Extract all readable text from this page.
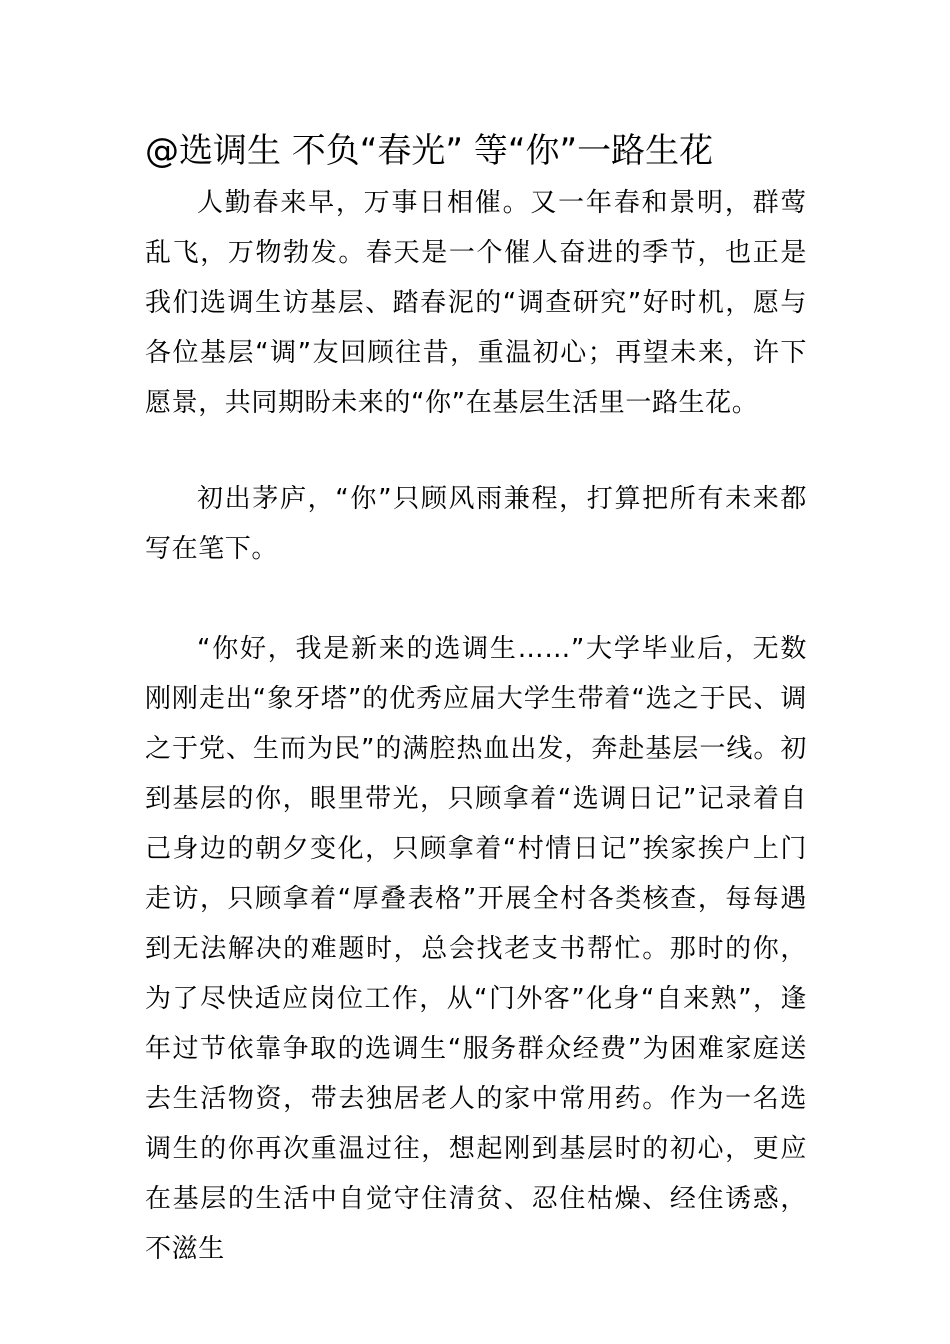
@选调生 不负“春光” 等“你”一路生花

人勤春来早，万事日相催。又一年春和景明，群莺乱飞，万物勃发。春天是一个催人奋进的季节，也正是我们选调生访基层、踏春泥的“调查研究”好时机，愿与各位基层“调”友回顾往昔，重温初心；再望未来，许下愿景，共同期盼未来的“你”在基层生活里一路生花。

初出茅庐，“你”只顾风雨兼程，打算把所有未来都写在笔下。

“你好，我是新来的选调生……”大学毕业后，无数刚刚走出“象牙塔”的优秀应届大学生带着“选之于民、调之于党、生而为民”的满腔热血出发，奔赴基层一线。初到基层的你，眼里带光，只顾拿着“选调日记”记录着自己身边的朝夕变化，只顾拿着“村情日记”挨家挨户上门走访，只顾拿着“厚叠表格”开展全村各类核查，每每遇到无法解决的难题时，总会找老支书帮忙。那时的你，为了尽快适应岗位工作，从“门外客”化身“自来熟”，逢年过节依靠争取的选调生“服务群众经费”为困难家庭送去生活物资，带去独居老人的家中常用药。作为一名选调生的你再次重温过往，想起刚到基层时的初心，更应在基层的生活中自觉守住清贫、忍住枯燥、经住诱惑，不滋生
